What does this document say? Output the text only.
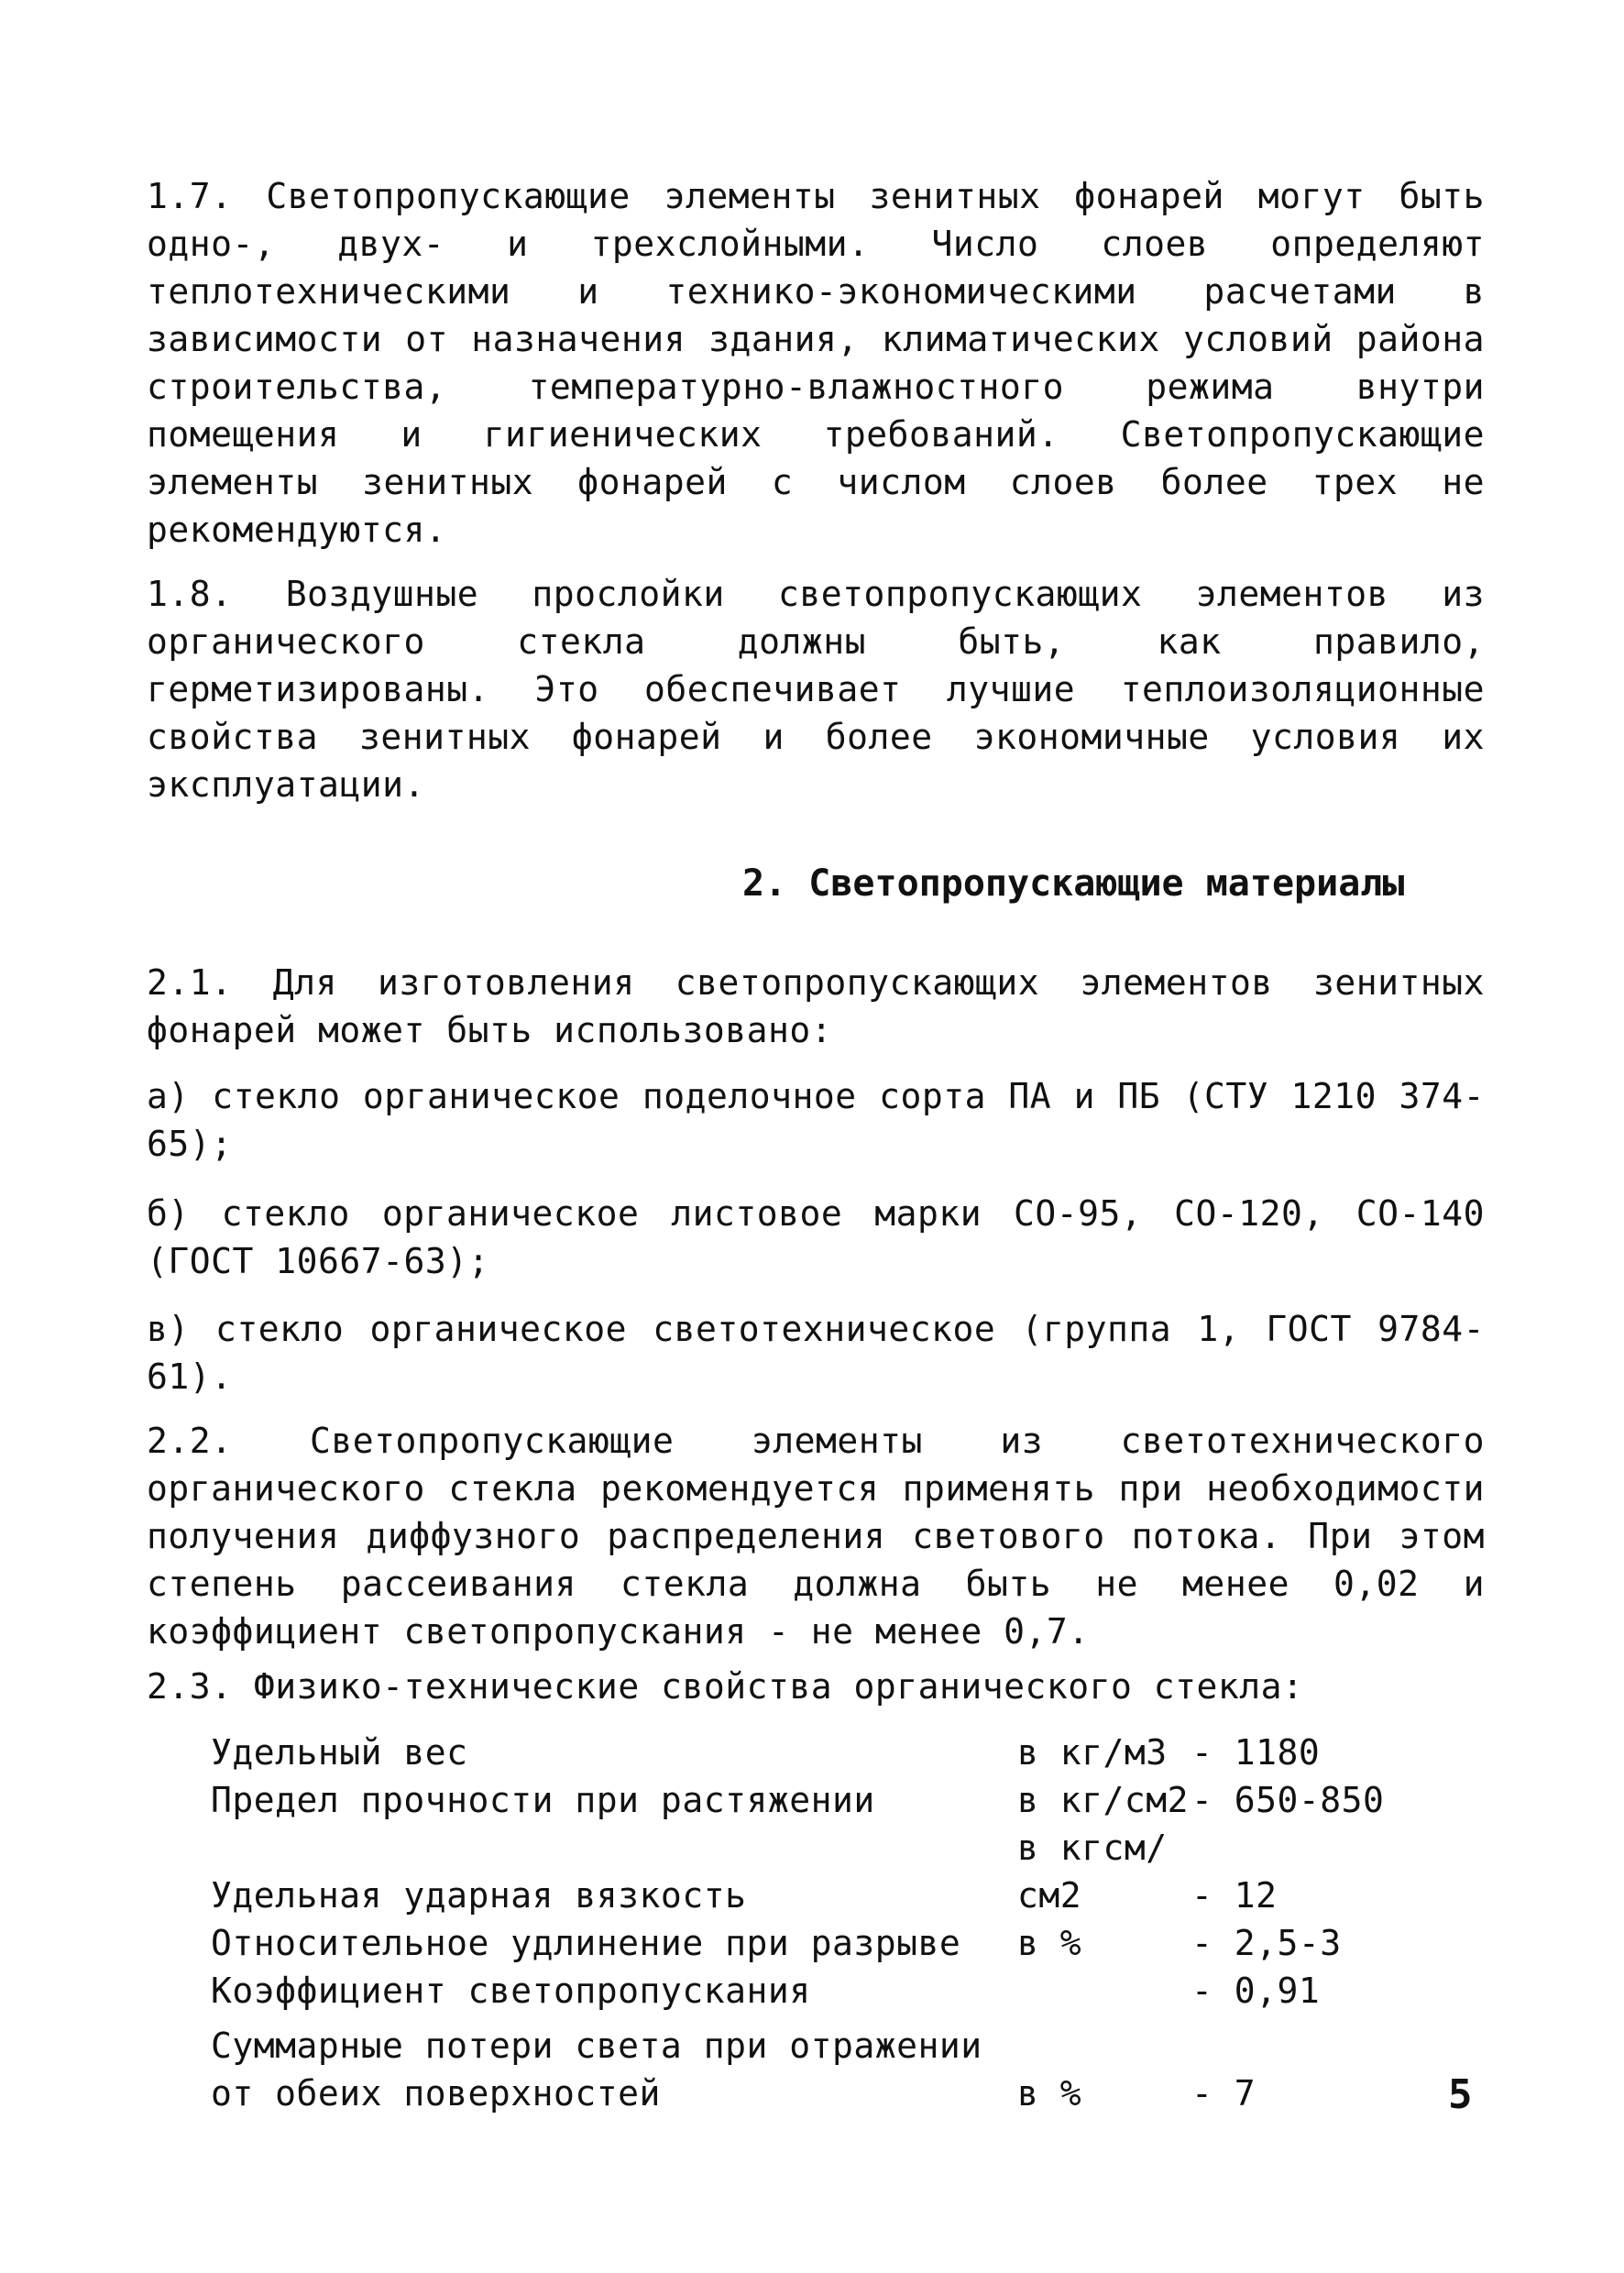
1.7. Светопропускающие элементы зенитных фонарей могут быть одно-, двух- и трехслойными. Число слоев определяют теплотехническими и технико-экономическими расчетами в зависимости от назначения здания, климатических условий района строительства, температурно-влажностного режима внутри помещения и гигиенических требований. Светопропускающие элементы зенитных фонарей с числом слоев более трех не рекомендуются.

1.8. Воздушные прослойки светопропускающих элементов из органического стекла должны быть, как правило, герметизированы. Это обеспечивает лучшие теплоизоляционные свойства зенитных фонарей и более экономичные условия их эксплуатации.

2. Светопропускающие материалы

2.1. Для изготовления светопропускающих элементов зенитных фонарей может быть использовано:

а) стекло органическое поделочное сорта ПА и ПБ (СТУ 1210 374-65);

б) стекло органическое листовое марки СО-95, СО-120, СО-140 (ГОСТ 10667-63);

в) стекло органическое светотехническое (группа 1, ГОСТ 9784-61).

2.2. Светопропускающие элементы из светотехнического органического стекла рекомендуется применять при необходимости получения диффузного распределения светового потока. При этом степень рассеивания стекла должна быть не менее 0,02 и коэффициент светопропускания - не менее 0,7.

2.3. Физико-технические свойства органического стекла:

Удельный вес	в кг/м3	- 1180
Предел прочности при растяжении	в кг/см2	- 650-850
Удельная ударная вязкость	в кгсм/см2	- 12
Относительное удлинение при разрыве	в %	- 2,5-3
Коэффициент светопропускания		- 0,91
Суммарные потери света при отражении
от обеих поверхностей	в %	- 7	5
